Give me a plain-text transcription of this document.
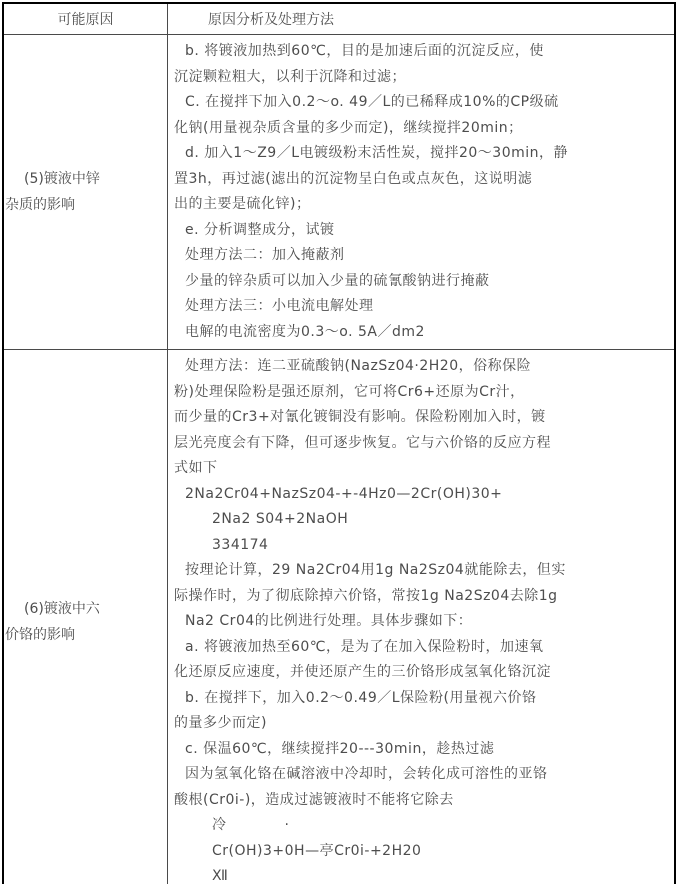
可能原因	原因分析及处理方法
(5)镀液中锌
杂质的影响
b. 将镀液加热到60℃，目的是加速后面的沉淀反应，使
沉淀颗粒粗大，以利于沉降和过滤；
C. 在搅拌下加入0.2～o. 49／L的已稀释成10%的CP级硫
化钠(用量视杂质含量的多少而定)，继续搅拌20min；
d. 加入1～Z9／L电镀级粉末活性炭，搅拌20～30min，静
置3h，再过滤(滤出的沉淀物呈白色或点灰色，这说明滤
出的主要是硫化锌)；
e. 分析调整成分，试镀
处理方法二：加入掩蔽剂
少量的锌杂质可以加入少量的硫氰酸钠进行掩蔽
处理方法三：小电流电解处理
电解的电流密度为0.3～o. 5A／dm2
(6)镀液中六
价铬的影响
处理方法：连二亚硫酸钠(NazSz04·2H20，俗称保险
粉)处理保险粉是强还原剂，它可将Cr6+还原为Cr汁，
而少量的Cr3+对氰化镀铜没有影响。保险粉刚加入时，镀
层光亮度会有下降，但可逐步恢复。它与六价铬的反应方程
式如下
2Na2Cr04+NazSz04-+-4Hz0—2Cr(OH)30+
2Na2 S04+2NaOH
334174
按理论计算，29 Na2Cr04用1g Na2Sz04就能除去，但实
际操作时，为了彻底除掉六价铬，常按1g Na2Sz04去除1g
Na2 Cr04的比例进行处理。具体步骤如下：
a. 将镀液加热至60℃，是为了在加入保险粉时，加速氧
化还原反应速度，并使还原产生的三价铬形成氢氧化铬沉淀
b. 在搅拌下，加入0.2～0.49／L保险粉(用量视六价铬
的量多少而定)
c. 保温60℃，继续搅拌20---30min，趁热过滤
因为氢氧化铬在碱溶液中冷却时，会转化成可溶性的亚铬
酸根(Cr0i-)，造成过滤镀液时不能将它除去
冷　　　　·
Cr(OH)3+0H—亭Cr0i-+2H20
Ⅻ
